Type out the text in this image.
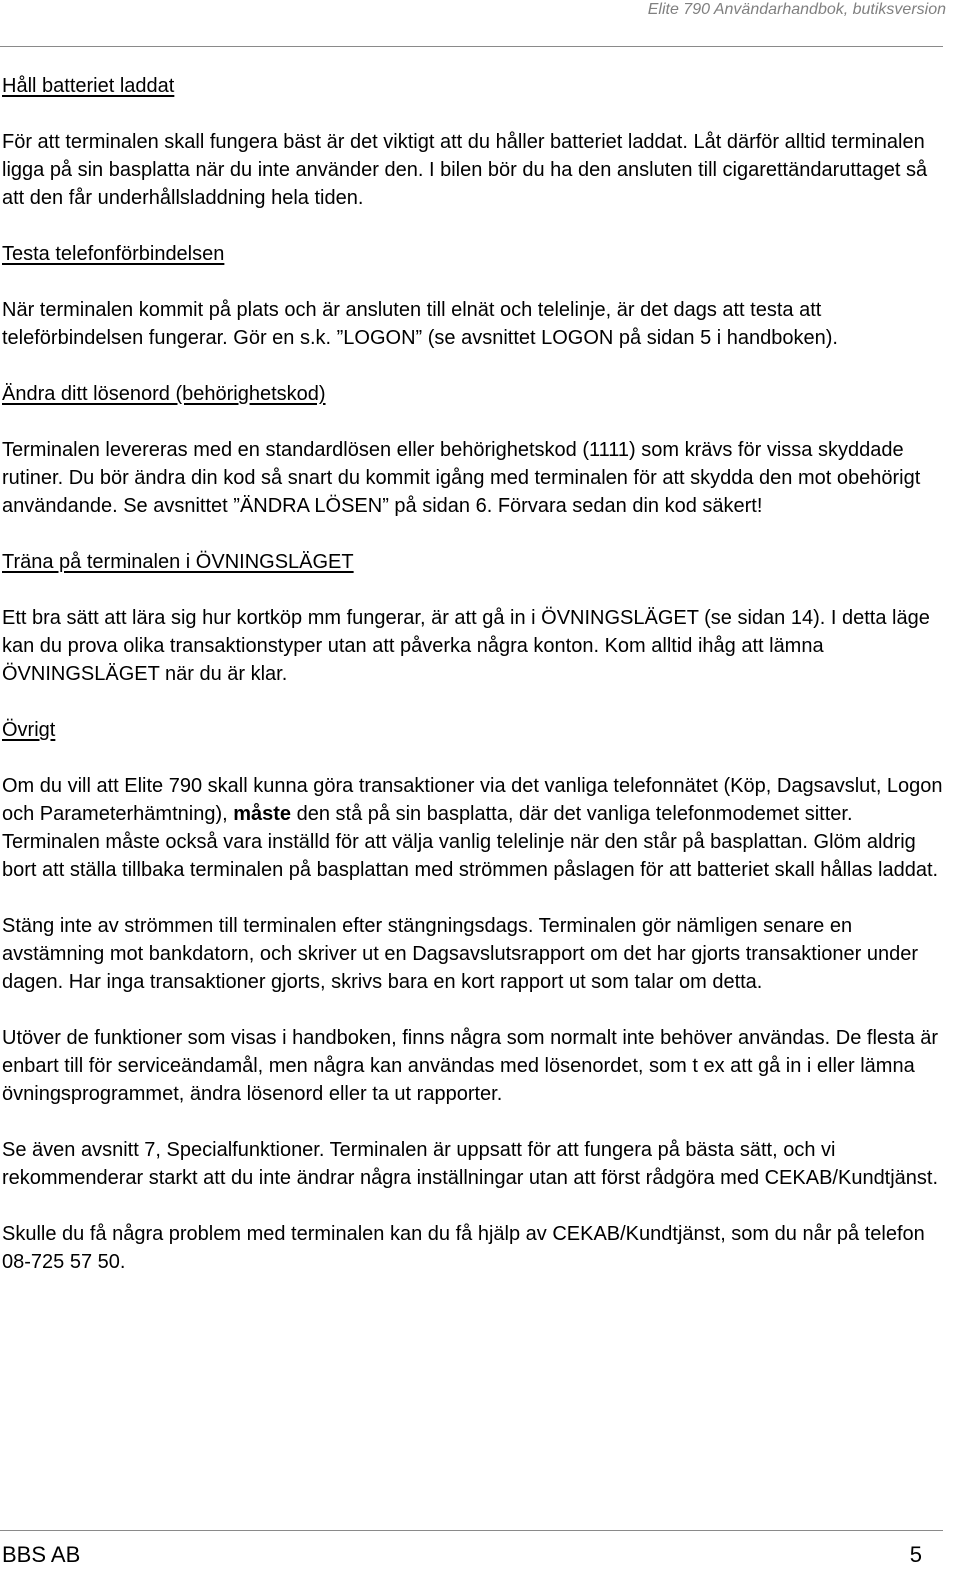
Elite 790 Användarhandbok, butiksversion
Håll batteriet laddat

För att terminalen skall fungera bäst är det viktigt att du håller batteriet laddat. Låt därför alltid terminalen ligga på sin basplatta när du inte använder den. I bilen bör du ha den ansluten till cigarettändaruttaget så att den får underhållsladdning hela tiden.

Testa telefonförbindelsen

När terminalen kommit på plats och är ansluten till elnät och telelinje, är det dags att testa att teleförbindelsen fungerar. Gör en s.k. ”LOGON” (se avsnittet LOGON på sidan 5 i handboken).

Ändra ditt lösenord (behörighetskod)

Terminalen levereras med en standardlösen eller behörighetskod (1111) som krävs för vissa skyddade rutiner. Du bör ändra din kod så snart du kommit igång med terminalen för att skydda den mot obehörigt användande. Se avsnittet ”ÄNDRA LÖSEN” på sidan 6. Förvara sedan din kod säkert!

Träna på terminalen i ÖVNINGSLÄGET

Ett bra sätt att lära sig hur kortköp mm fungerar, är att gå in i ÖVNINGSLÄGET (se sidan 14). I detta läge kan du prova olika transaktionstyper utan att påverka några konton. Kom alltid ihåg att lämna ÖVNINGSLÄGET när du är klar.

Övrigt

Om du vill att Elite 790 skall kunna göra transaktioner via det vanliga telefonnätet (Köp, Dagsavslut, Logon och Parameterhämtning), måste den stå på sin basplatta, där det vanliga telefonmodemet sitter. Terminalen måste också vara inställd för att välja vanlig telelinje när den står på basplattan. Glöm aldrig bort att ställa tillbaka terminalen på basplattan med strömmen påslagen för att batteriet skall hållas laddat.

Stäng inte av strömmen till terminalen efter stängningsdags. Terminalen gör nämligen senare en avstämning mot bankdatorn, och skriver ut en Dagsavslutsrapport om det har gjorts transaktioner under dagen. Har inga transaktioner gjorts, skrivs bara en kort rapport ut som talar om detta.

Utöver de funktioner som visas i handboken, finns några som normalt inte behöver användas. De flesta är enbart till för serviceändamål, men några kan användas med lösenordet, som t ex att gå in i eller lämna övningsprogrammet, ändra lösenord eller ta ut rapporter.

Se även avsnitt 7, Specialfunktioner. Terminalen är uppsatt för att fungera på bästa sätt, och vi rekommenderar starkt att du inte ändrar några inställningar utan att först rådgöra med CEKAB/Kundtjänst.

Skulle du få några problem med terminalen kan du få hjälp av CEKAB/Kundtjänst, som du når på telefon 08-725 57 50.

BBS AB	5
